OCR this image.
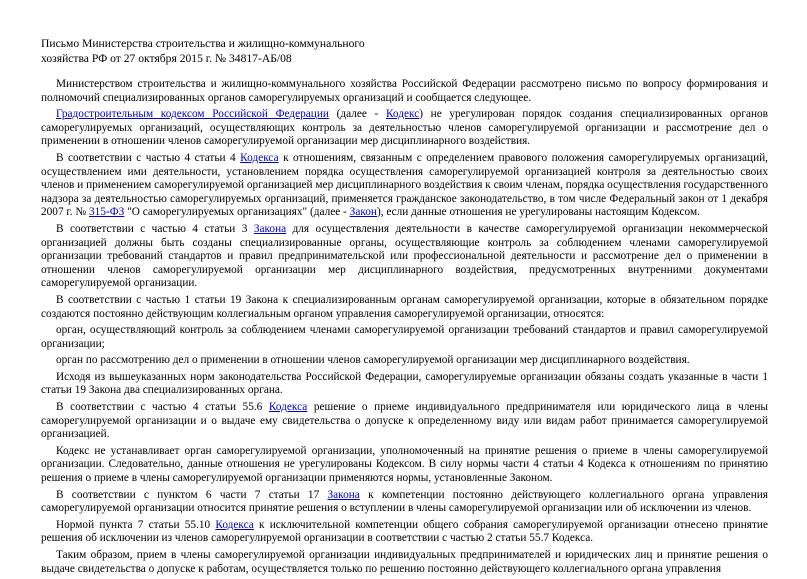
Письмо Министерства строительства и жилищно-коммунального
хозяйства РФ от 27 октября 2015 г. № 34817-АБ/08

Министерством строительства и жилищно-коммунального хозяйства Российской Федерации рассмотрено письмо по вопросу формирования и полномочий специализированных органов саморегулируемых организаций и сообщается следующее.

Градостроительным кодексом Российской Федерации (далее - Кодекс) не урегулирован порядок создания специализированных органов саморегулируемых организаций, осуществляющих контроль за деятельностью членов саморегулируемой организации и рассмотрение дел о применении в отношении членов саморегулируемой организации мер дисциплинарного воздействия.

В соответствии с частью 4 статьи 4 Кодекса к отношениям, связанным с определением правового положения саморегулируемых организаций, осуществлением ими деятельности, установлением порядка осуществления саморегулируемой организацией контроля за деятельностью своих членов и применением саморегулируемой организацией мер дисциплинарного воздействия к своим членам, порядка осуществления государственного надзора за деятельностью саморегулируемых организаций, применяется гражданское законодательство, в том числе Федеральный закон от 1 декабря 2007 г. № 315-ФЗ "О саморегулируемых организациях" (далее - Закон), если данные отношения не урегулированы настоящим Кодексом.

В соответствии с частью 4 статьи 3 Закона для осуществления деятельности в качестве саморегулируемой организации некоммерческой организацией должны быть созданы специализированные органы, осуществляющие контроль за соблюдением членами саморегулируемой организации требований стандартов и правил предпринимательской или профессиональной деятельности и рассмотрение дел о применении в отношении членов саморегулируемой организации мер дисциплинарного воздействия, предусмотренных внутренними документами саморегулируемой организации.

В соответствии с частью 1 статьи 19 Закона к специализированным органам саморегулируемой организации, которые в обязательном порядке создаются постоянно действующим коллегиальным органом управления саморегулируемой организации, относятся:

орган, осуществляющий контроль за соблюдением членами саморегулируемой организации требований стандартов и правил саморегулируемой организации;

орган по рассмотрению дел о применении в отношении членов саморегулируемой организации мер дисциплинарного воздействия.

Исходя из вышеуказанных норм законодательства Российской Федерации, саморегулируемые организации обязаны создать указанные в части 1 статьи 19 Закона два специализированных органа.

В соответствии с частью 4 статьи 55.6 Кодекса решение о приеме индивидуального предпринимателя или юридического лица в члены саморегулируемой организации и о выдаче ему свидетельства о допуске к определенному виду или видам работ принимается саморегулируемой организацией.

Кодекс не устанавливает орган саморегулируемой организации, уполномоченный на принятие решения о приеме в члены саморегулируемой организации. Следовательно, данные отношения не урегулированы Кодексом. В силу нормы части 4 статьи 4 Кодекса к отношениям по принятию решения о приеме в члены саморегулируемой организации применяются нормы, установленные Законом.

В соответствии с пунктом 6 части 7 статьи 17 Закона к компетенции постоянно действующего коллегиального органа управления саморегулируемой организации относится принятие решения о вступлении в члены саморегулируемой организации или об исключении из членов.

Нормой пункта 7 статьи 55.10 Кодекса к исключительной компетенции общего собрания саморегулируемой организации отнесено принятие решения об исключении из членов саморегулируемой организации в соответствии с частью 2 статьи 55.7 Кодекса.

Таким образом, прием в члены саморегулируемой организации индивидуальных предпринимателей и юридических лиц и принятие решения о выдаче свидетельства о допуске к работам, осуществляется только по решению постоянно действующего коллегиального органа управления
